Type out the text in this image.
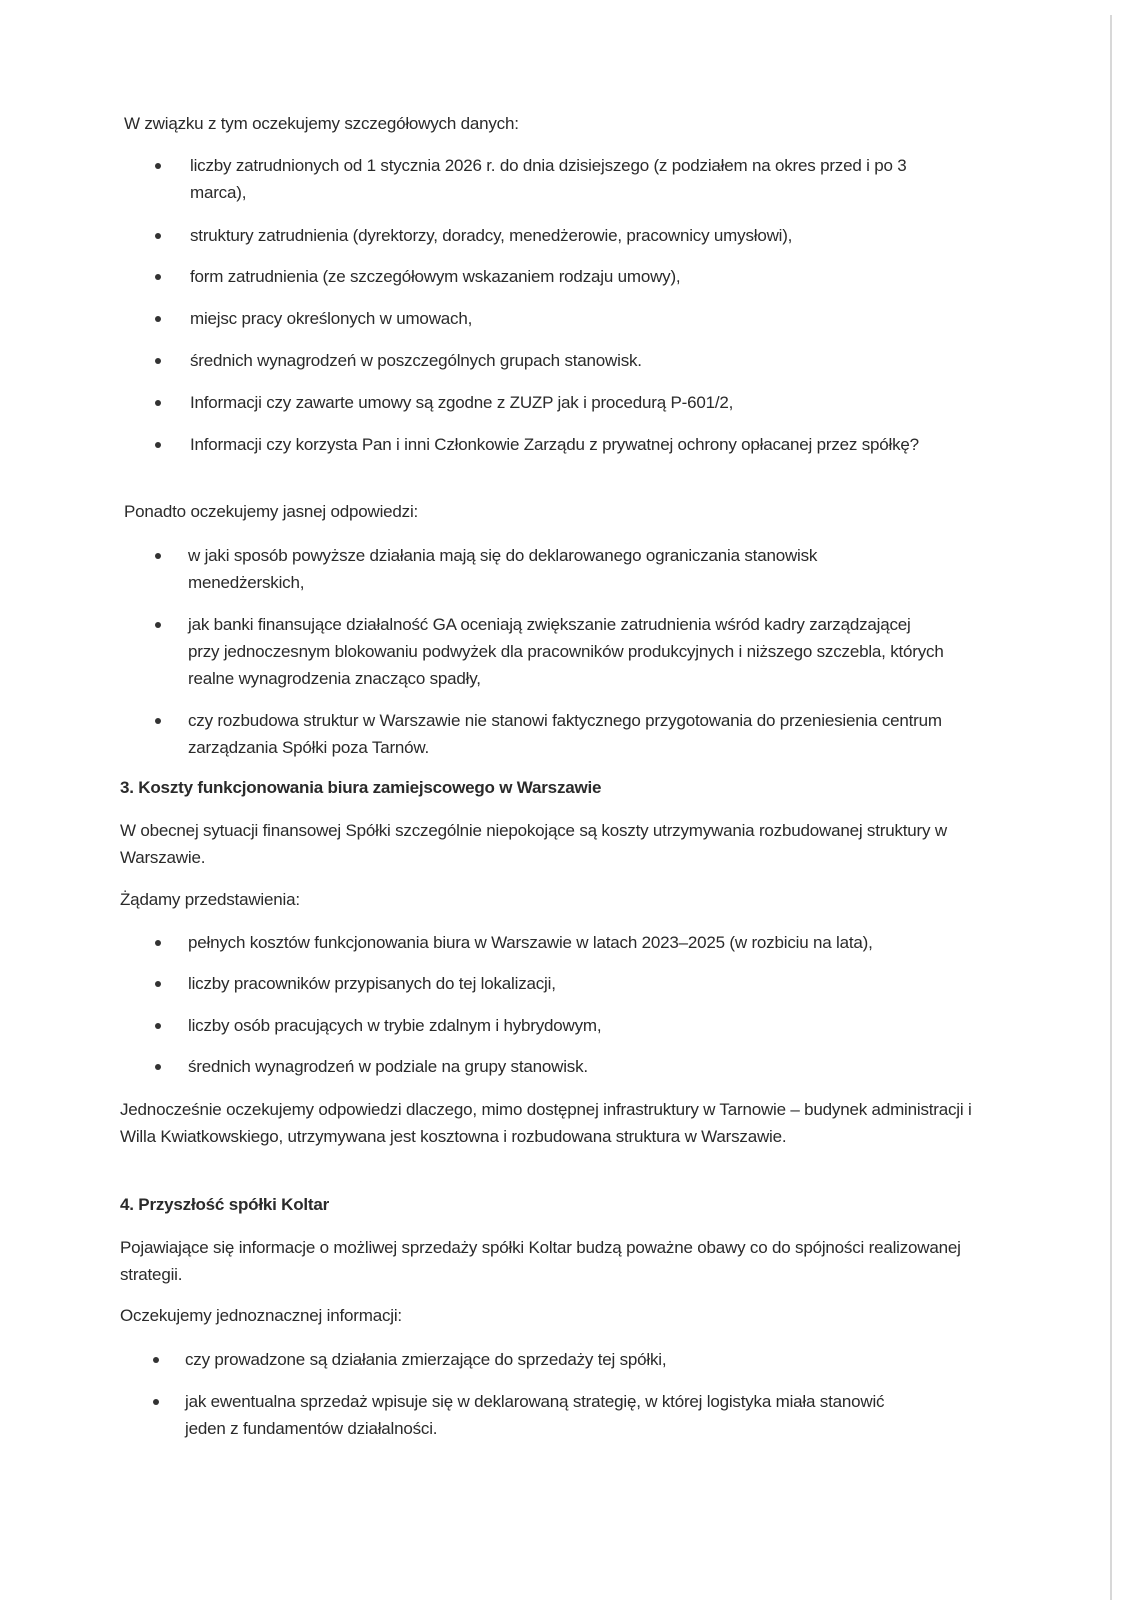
W związku z tym oczekujemy szczegółowych danych:

liczby zatrudnionych od 1 stycznia 2026 r. do dnia dzisiejszego (z podziałem na okres przed i po 3 marca),
struktury zatrudnienia (dyrektorzy, doradcy, menedżerowie, pracownicy umysłowi),
form zatrudnienia (ze szczegółowym wskazaniem rodzaju umowy),
miejsc pracy określonych w umowach,
średnich wynagrodzeń w poszczególnych grupach stanowisk.
Informacji czy zawarte umowy są zgodne z ZUZP jak i procedurą P-601/2,
Informacji czy korzysta Pan i inni Członkowie Zarządu z prywatnej ochrony opłacanej przez spółkę?

Ponadto oczekujemy jasnej odpowiedzi:

w jaki sposób powyższe działania mają się do deklarowanego ograniczania stanowisk menedżerskich,
jak banki finansujące działalność GA oceniają zwiększanie zatrudnienia wśród kadry zarządzającej przy jednoczesnym blokowaniu podwyżek dla pracowników produkcyjnych i niższego szczebla, których realne wynagrodzenia znacząco spadły,
czy rozbudowa struktur w Warszawie nie stanowi faktycznego przygotowania do przeniesienia centrum zarządzania Spółki poza Tarnów.
3. Koszty funkcjonowania biura zamiejscowego w Warszawie

W obecnej sytuacji finansowej Spółki szczególnie niepokojące są koszty utrzymywania rozbudowanej struktury w Warszawie.

Żądamy przedstawienia:

pełnych kosztów funkcjonowania biura w Warszawie w latach 2023–2025 (w rozbiciu na lata),
liczby pracowników przypisanych do tej lokalizacji,
liczby osób pracujących w trybie zdalnym i hybrydowym,
średnich wynagrodzeń w podziale na grupy stanowisk.

Jednocześnie oczekujemy odpowiedzi dlaczego, mimo dostępnej infrastruktury w Tarnowie – budynek administracji i Willa Kwiatkowskiego, utrzymywana jest kosztowna i rozbudowana struktura w Warszawie.

4. Przyszłość spółki Koltar

Pojawiające się informacje o możliwej sprzedaży spółki Koltar budzą poważne obawy co do spójności realizowanej strategii.

Oczekujemy jednoznacznej informacji:

czy prowadzone są działania zmierzające do sprzedaży tej spółki,
jak ewentualna sprzedaż wpisuje się w deklarowaną strategię, w której logistyka miała stanowić jeden z fundamentów działalności.
